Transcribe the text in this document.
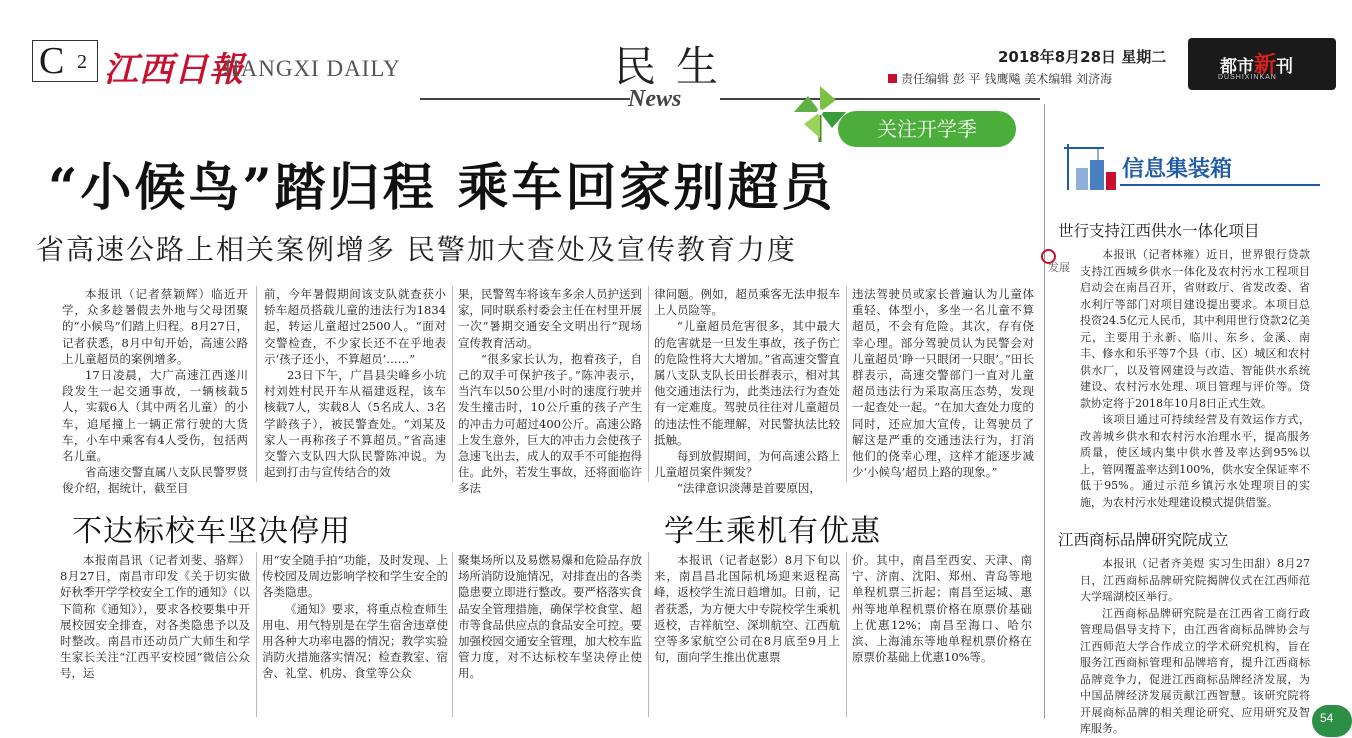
C 2 江西日報
JIANGXI DAILY	民生
News
2018年8月28日 星期二
责任编辑 彭 平 钱鹰飚 美术编辑 刘济海
都市新刊
DUSHIXINKAN
关注开学季
“小候鸟”踏归程 乘车回家别超员
省高速公路上相关案例增多 民警加大查处及宣传教育力度

本报讯（记者蔡颖辉）临近开学，众多趁暑假去外地与父母团聚的“小候鸟”们踏上归程。8月27日，记者获悉，8月中旬开始，高速公路上儿童超员的案例增多。

17日凌晨，大广高速江西遂川段发生一起交通事故，一辆核载5人，实载6人（其中两名儿童）的小车，追尾撞上一辆正常行驶的大货车，小车中乘客有4人受伤，包括两名儿童。

省高速交警直属八支队民警罗贤俊介绍，据统计，截至目

前，今年暑假期间该支队就查获小轿车超员搭载儿童的违法行为1834起，转运儿童超过2500人。“面对交警检查，不少家长还不在乎地表示‘孩子还小，不算超员’……”

23日下午，广昌县尖峰乡小坑村刘姓村民开车从福建返程，该车核载7人，实载8人（5名成人、3名学龄孩子），被民警查处。“刘某及家人一再称孩子不算超员。”省高速交警六支队四大队民警陈冲说。为起到打击与宣传结合的效

果，民警驾车将该车多余人员护送到家，同时联系村委会主任在村里开展一次“暑期交通安全文明出行”现场宣传教育活动。

“很多家长认为，抱着孩子，自己的双手可保护孩子。”陈冲表示，当汽车以50公里/小时的速度行驶并发生撞击时，10公斤重的孩子产生的冲击力可超过400公斤。高速公路上发生意外，巨大的冲击力会使孩子急速飞出去，成人的双手不可能抱得住。此外，若发生事故，还将面临许多法

律问题。例如，超员乘客无法申报车上人员险等。

“儿童超员危害很多，其中最大的危害就是一旦发生事故，孩子伤亡的危险性将大大增加。”省高速交警直属八支队支队长田长群表示，相对其他交通违法行为，此类违法行为查处有一定难度。驾驶员往往对儿童超员的违法性不能理解，对民警执法比较抵触。

每到放假期间，为何高速公路上儿童超员案件频发？

“法律意识淡薄是首要原因，

违法驾驶员或家长普遍认为儿童体重轻、体型小，多坐一名儿童不算超员，不会有危险。其次，存有侥幸心理。部分驾驶员认为民警会对儿童超员‘睁一只眼闭一只眼’。”田长群表示，高速交警部门一直对儿童超员违法行为采取高压态势，发现一起查处一起。“在加大查处力度的同时，还应加大宣传，让驾驶员了解这是严重的交通违法行为，打消他们的侥幸心理，这样才能逐步减少‘小候鸟’超员上路的现象。”

不达标校车坚决停用

本报南昌讯（记者刘斐、骆辉）8月27日，南昌市印发《关于切实做好秋季开学学校安全工作的通知》（以下简称《通知》），要求各校要集中开展校园安全排查，对各类隐患予以及时整改。南昌市还动员广大师生和学生家长关注“江西平安校园”微信公众号，运

用“安全随手拍”功能，及时发现、上传校园及周边影响学校和学生安全的各类隐患。

《通知》要求，将重点检查师生用电、用气特别是在学生宿舍违章使用各种大功率电器的情况；教学实验消防火措施落实情况；检查教室、宿舍、礼堂、机房、食堂等公众

聚集场所以及易燃易爆和危险品存放场所消防设施情况，对排查出的各类隐患要立即进行整改。要严格落实食品安全管理措施，确保学校食堂、超市等食品供应点的食品安全可控。要加强校园交通安全管理，加大校车监管力度，对不达标校车坚决停止使用。

学生乘机有优惠

本报讯（记者赵影）8月下旬以来，南昌昌北国际机场迎来返程高峰，返校学生流日趋增加。日前，记者获悉，为方便大中专院校学生乘机返校，吉祥航空、深圳航空、江西航空等多家航空公司在8月底至9月上旬，面向学生推出优惠票

价。其中，南昌至西安、天津、南宁、济南、沈阳、郑州、青岛等地单程机票三折起；南昌至运城、惠州等地单程机票价格在原票价基础上优惠12%；南昌至海口、哈尔滨、上海浦东等地单程机票价格在原票价基础上优惠10%等。

信息集装箱
世行支持江西供水一体化项目
发展

本报讯（记者林雍）近日，世界银行贷款支持江西城乡供水一体化及农村污水工程项目启动会在南昌召开，省财政厅、省发改委、省水利厅等部门对项目建设提出要求。本项目总投资24.5亿元人民币，其中利用世行贷款2亿美元，主要用于永新、临川、东乡、金溪、南丰、修水和乐平等7个县（市、区）城区和农村供水厂，以及管网建设与改造、智能供水系统建设、农村污水处理、项目管理与评价等。贷款协定将于2018年10月8日正式生效。

该项目通过可持续经营及有效运作方式，改善城乡供水和农村污水治理水平，提高服务质量，使区域内集中供水普及率达到95%以上，管网覆盖率达到100%，供水安全保证率不低于95%。通过示范乡镇污水处理项目的实施，为农村污水处理建设模式提供借鉴。

江西商标品牌研究院成立

本报讯（记者齐美煜 实习生田甜）8月27日，江西商标品牌研究院揭牌仪式在江西师范大学瑶湖校区举行。

江西商标品牌研究院是在江西省工商行政管理局倡导支持下，由江西省商标品牌协会与江西师范大学合作成立的学术研究机构，旨在服务江西商标管理和品牌培育，提升江西商标品牌竞争力，促进江西商标品牌经济发展，为中国品牌经济发展贡献江西智慧。该研究院将开展商标品牌的相关理论研究、应用研究及智库服务。

54
